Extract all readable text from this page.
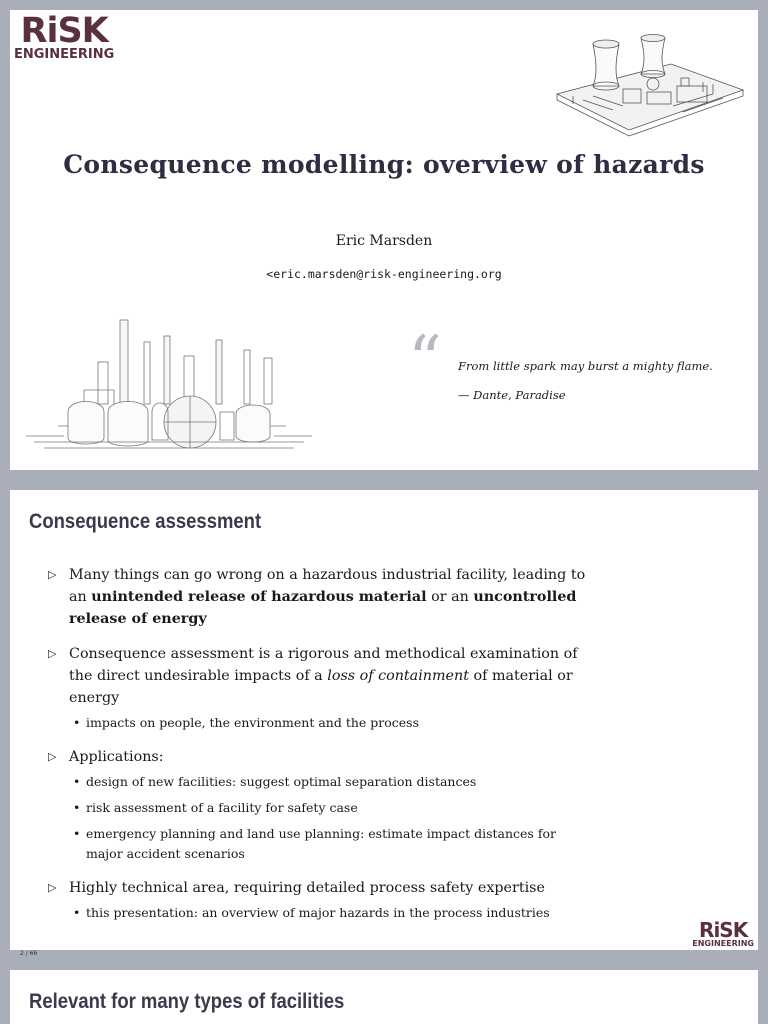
RiSK
ENGINEERING
Consequence modelling: overview of hazards
Eric Marsden
<eric.marsden@risk-engineering.org
“ From little spark may burst a mighty flame.
— Dante, Paradise
Consequence assessment
▷ Many things can go wrong on a hazardous industrial facility, leading to an unintended release of hazardous material or an uncontrolled release of energy
▷ Consequence assessment is a rigorous and methodical examination of the direct undesirable impacts of a loss of containment of material or energy
• impacts on people, the environment and the process
▷ Applications:
• design of new facilities: suggest optimal separation distances
• risk assessment of a facility for safety case
• emergency planning and land use planning: estimate impact distances for major accident scenarios
▷ Highly technical area, requiring detailed process safety expertise
• this presentation: an overview of major hazards in the process industries
RiSK
ENGINEERING
2 / 66
Relevant for many types of facilities
